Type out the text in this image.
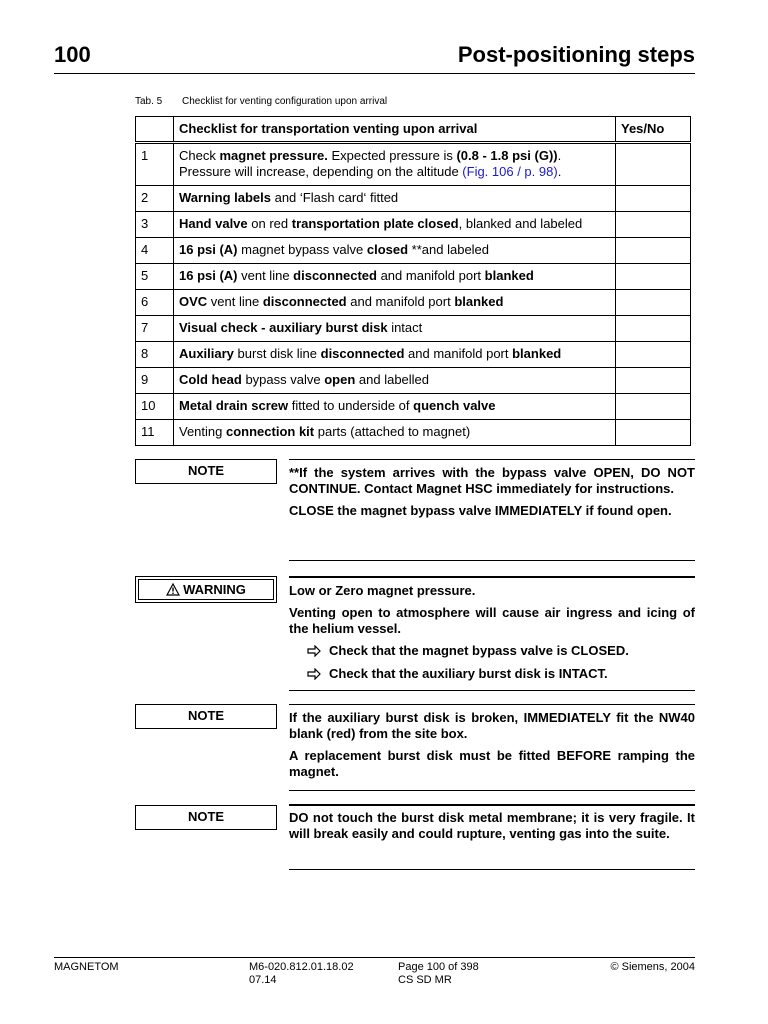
100	Post-positioning steps
Tab. 5 Checklist for venting configuration upon arrival
	Checklist for transportation venting upon arrival	Yes/No
1	Check magnet pressure. Expected pressure is (0.8 - 1.8 psi (G)).
Pressure will increase, depending on the altitude (Fig. 106 / p. 98).	
2	Warning labels and ‘Flash card‘ fitted	
3	Hand valve on red transportation plate closed, blanked and labeled	
4	16 psi (A) magnet bypass valve closed **and labeled	
5	16 psi (A) vent line disconnected and manifold port blanked	
6	OVC vent line disconnected and manifold port blanked	
7	Visual check - auxiliary burst disk intact	
8	Auxiliary burst disk line disconnected and manifold port blanked	
9	Cold head bypass valve open and labelled	
10	Metal drain screw fitted to underside of quench valve	
11	Venting connection kit parts (attached to magnet)	
NOTE	**If the system arrives with the bypass valve OPEN, DO NOT CONTINUE. Contact Magnet HSC immediately for instructions.

CLOSE the magnet bypass valve IMMEDIATELY if found open.

WARNING	Low or Zero magnet pressure.

Venting open to atmosphere will cause air ingress and icing of the helium vessel.

Check that the magnet bypass valve is CLOSED.
Check that the auxiliary burst disk is INTACT.
NOTE	If the auxiliary burst disk is broken, IMMEDIATELY fit the NW40 blank (red) from the site box.

A replacement burst disk must be fitted BEFORE ramping the magnet.

NOTE	DO not touch the burst disk metal membrane; it is very fragile. It will break easily and could rupture, venting gas into the suite.

MAGNETOM	M6-020.812.01.18.02
07.14
Page 100 of 398
CS SD MR
© Siemens, 2004
